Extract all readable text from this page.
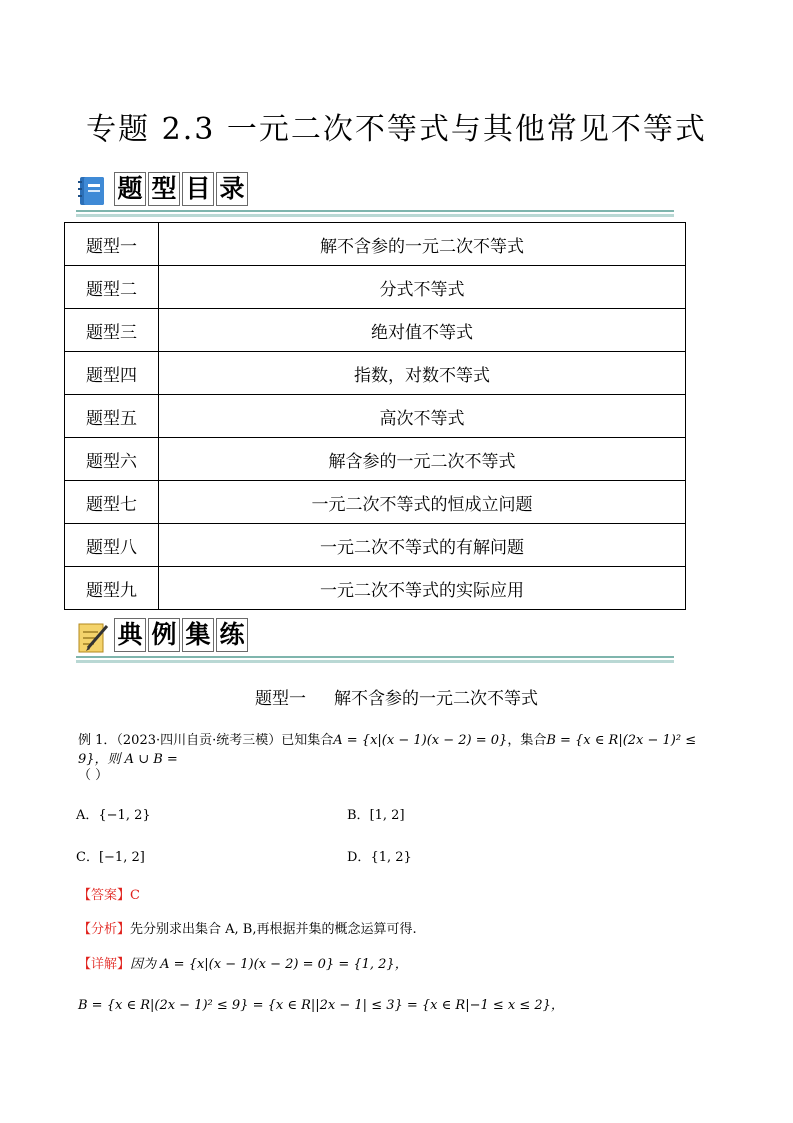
专题 2.3 一元二次不等式与其他常见不等式
题 型 目 录
题型一	解不含参的一元二次不等式
题型二	分式不等式
题型三	绝对值不等式
题型四	指数，对数不等式
题型五	高次不等式
题型六	解含参的一元二次不等式
题型七	一元二次不等式的恒成立问题
题型八	一元二次不等式的有解问题
题型九	一元二次不等式的实际应用
典 例 集 练
题型一 解不含参的一元二次不等式
例 1．（2023·四川自贡·统考三模）已知集合A = {x|(x − 1)(x − 2) = 0}，集合B = {x ∈ R|(2x − 1)² ≤ 9}，则 A ∪ B =
（ ）
A．{−1, 2}	B．[1, 2]
C．[−1, 2]	D．{1, 2}
【答案】C
【分析】先分别求出集合 A, B,再根据并集的概念运算可得.
【详解】因为 A = {x|(x − 1)(x − 2) = 0} = {1, 2}，
B = {x ∈ R|(2x − 1)² ≤ 9} = {x ∈ R||2x − 1| ≤ 3} = {x ∈ R|−1 ≤ x ≤ 2}，
